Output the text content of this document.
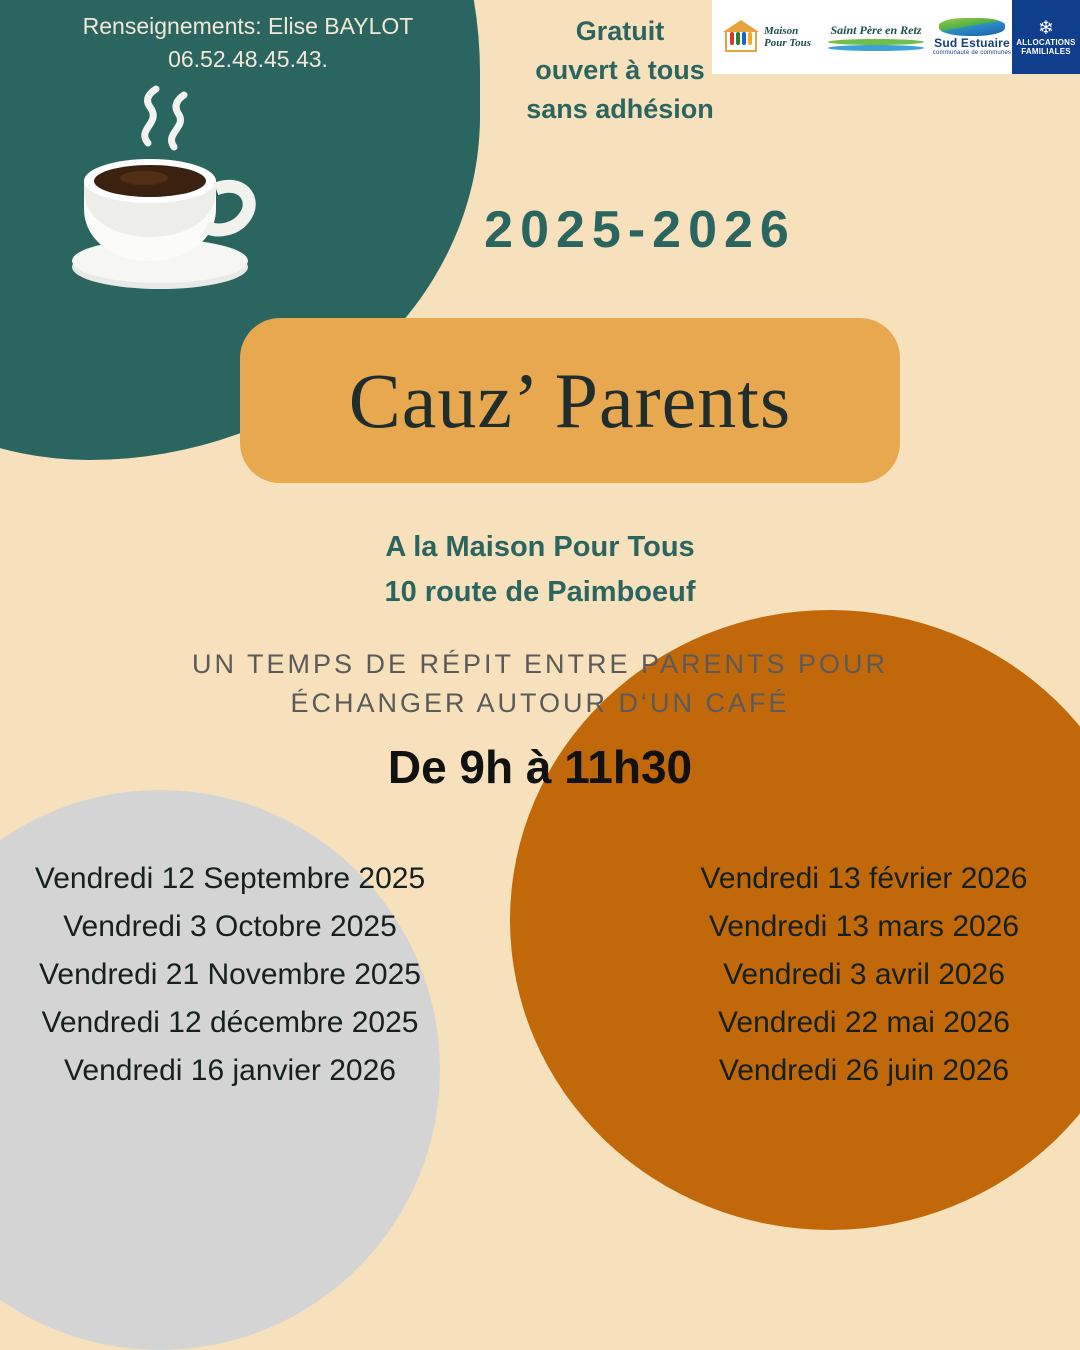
Maison
Pour Tous
Saint Père en Retz
Sud Estuaire
communauté de communes
❄
ALLOCATIONS
FAMILIALES
Renseignements: Elise BAYLOT
06.52.48.45.43.
Gratuit
ouvert à tous
sans adhésion
2025-2026
Cauz’ Parents
A la Maison Pour Tous
10 route de Paimboeuf
UN TEMPS DE RÉPIT ENTRE PARENTS POUR
ÉCHANGER AUTOUR D‘UN CAFÉ
De 9h à 11h30
Vendredi 12 Septembre 2025
Vendredi 3 Octobre 2025
Vendredi 21 Novembre 2025
Vendredi 12 décembre 2025
Vendredi 16 janvier 2026
Vendredi 13 février 2026
Vendredi 13 mars 2026
Vendredi 3 avril 2026
Vendredi 22 mai 2026
Vendredi 26 juin 2026
